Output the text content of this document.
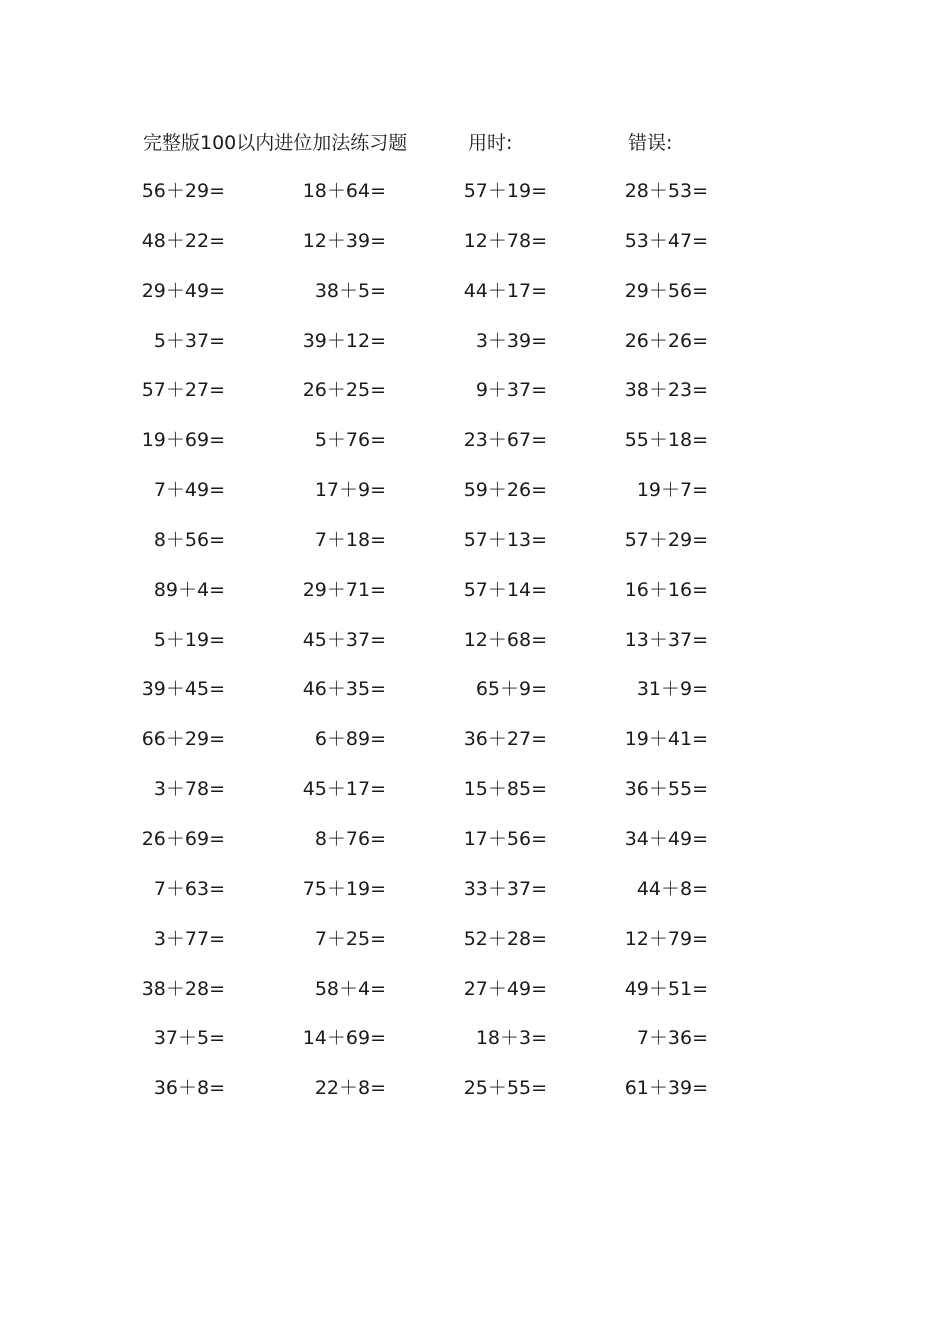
完整版100以内进位加法练习题	用时:	错误:
56＋29=	18＋64=	57＋19=	28＋53=
48＋22=	12＋39=	12＋78=	53＋47=
29＋49=	38＋5=	44＋17=	29＋56=
5＋37=	39＋12=	3＋39=	26＋26=
57＋27=	26＋25=	9＋37=	38＋23=
19＋69=	5＋76=	23＋67=	55＋18=
7＋49=	17＋9=	59＋26=	19＋7=
8＋56=	7＋18=	57＋13=	57＋29=
89＋4=	29＋71=	57＋14=	16＋16=
5＋19=	45＋37=	12＋68=	13＋37=
39＋45=	46＋35=	65＋9=	31＋9=
66＋29=	6＋89=	36＋27=	19＋41=
3＋78=	45＋17=	15＋85=	36＋55=
26＋69=	8＋76=	17＋56=	34＋49=
7＋63=	75＋19=	33＋37=	44＋8=
3＋77=	7＋25=	52＋28=	12＋79=
38＋28=	58＋4=	27＋49=	49＋51=
37＋5=	14＋69=	18＋3=	7＋36=
36＋8=	22＋8=	25＋55=	61＋39=
